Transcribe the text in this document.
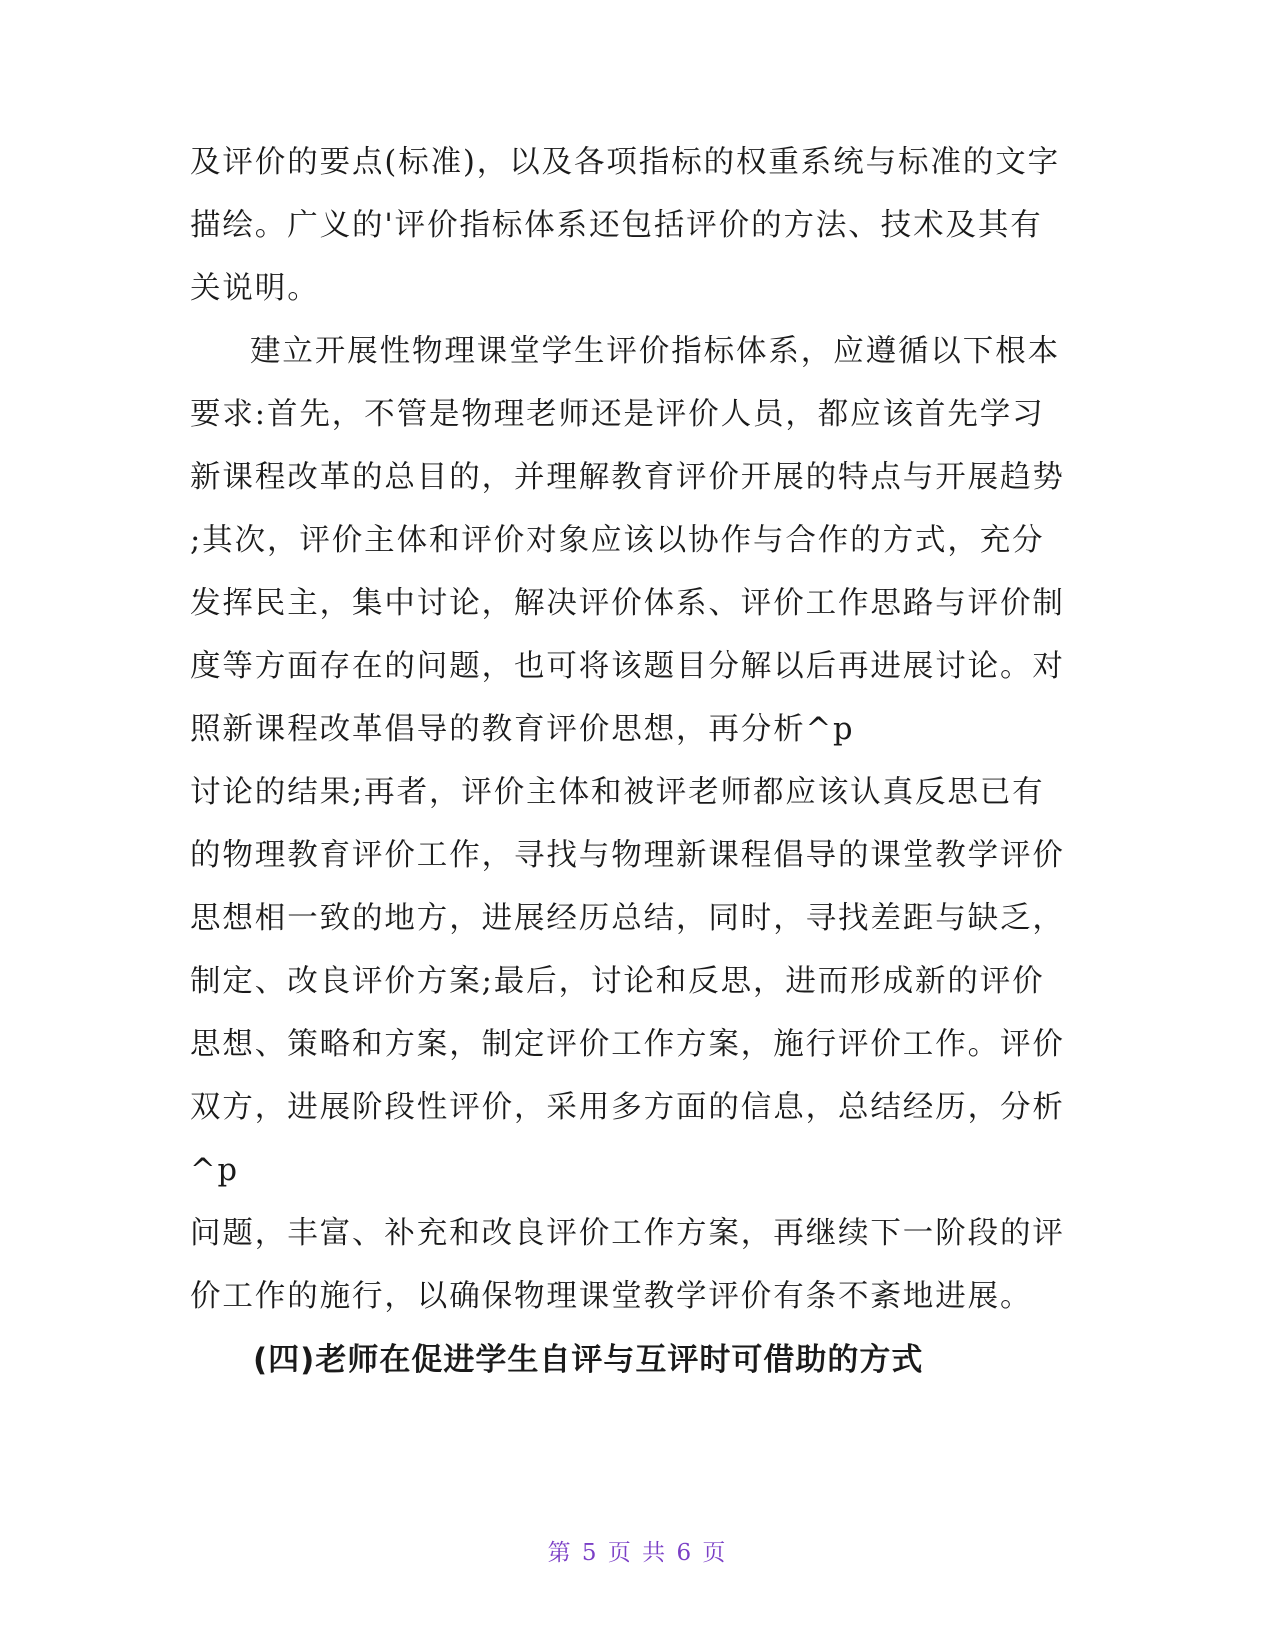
及评价的要点(标准)，以及各项指标的权重系统与标准的文字
描绘。广义的'评价指标体系还包括评价的方法、技术及其有
关说明。
建立开展性物理课堂学生评价指标体系，应遵循以下根本
要求:首先，不管是物理老师还是评价人员，都应该首先学习
新课程改革的总目的，并理解教育评价开展的特点与开展趋势
;其次，评价主体和评价对象应该以协作与合作的方式，充分
发挥民主，集中讨论，解决评价体系、评价工作思路与评价制
度等方面存在的问题，也可将该题目分解以后再进展讨论。对
照新课程改革倡导的教育评价思想，再分析^p
讨论的结果;再者，评价主体和被评老师都应该认真反思已有
的物理教育评价工作，寻找与物理新课程倡导的课堂教学评价
思想相一致的地方，进展经历总结，同时，寻找差距与缺乏，
制定、改良评价方案;最后，讨论和反思，进而形成新的评价
思想、策略和方案，制定评价工作方案，施行评价工作。评价
双方，进展阶段性评价，采用多方面的信息，总结经历，分析
^p
问题，丰富、补充和改良评价工作方案，再继续下一阶段的评
价工作的施行，以确保物理课堂教学评价有条不紊地进展。
(四)老师在促进学生自评与互评时可借助的方式
第 5 页 共 6 页
